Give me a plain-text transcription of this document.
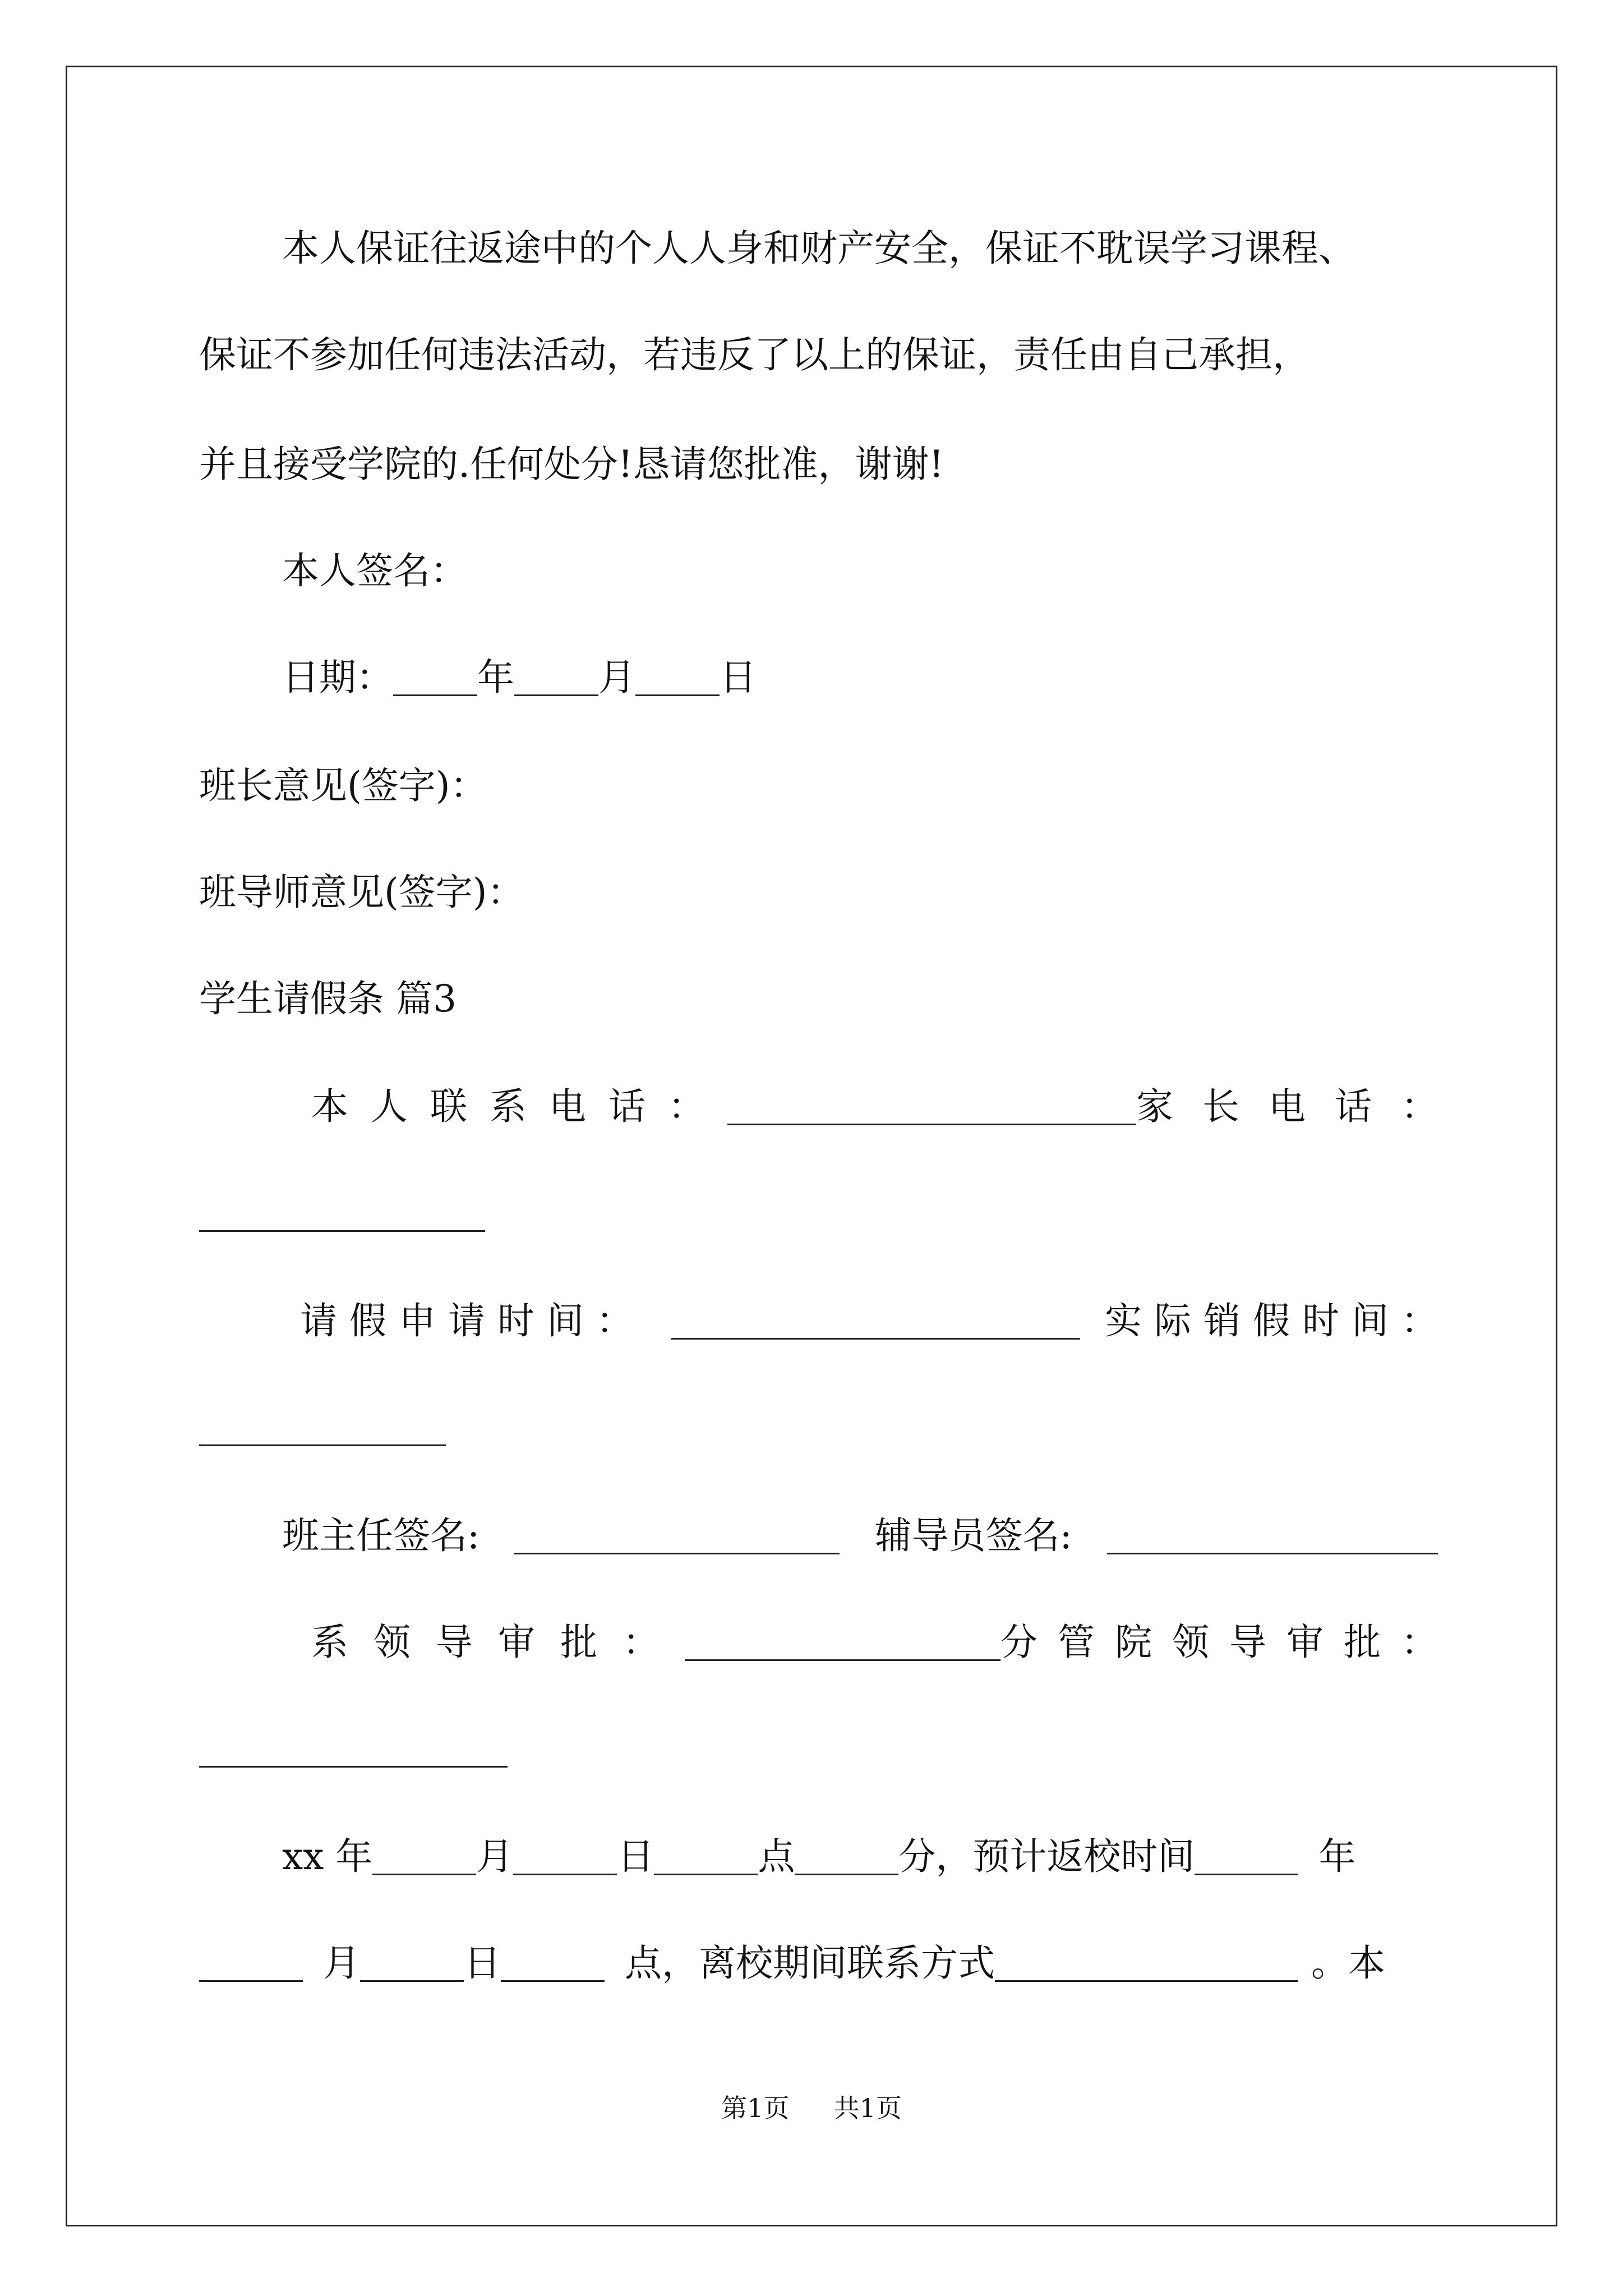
本人保证往返途中的个人人身和财产安全，保证不耽误学习课程、
保证不参加任何违法活动，若违反了以上的保证，责任由自己承担，
并且接受学院的.任何处分!恳请您批准，谢谢!
本人签名：
日期： 年 月 日
班长意见(签字)：
班导师意见(签字)：
学生请假条 篇3
本人联系电话：	家长电话：
请假申请时间：	实际销假时间：
班主任签名:	辅导员签名:
系领导审批：	分管院领导审批：
xx 年	月	日	点	分，预计返校时间	年
月	日	点，离校期间联系方式	。本
第1页 共1页
